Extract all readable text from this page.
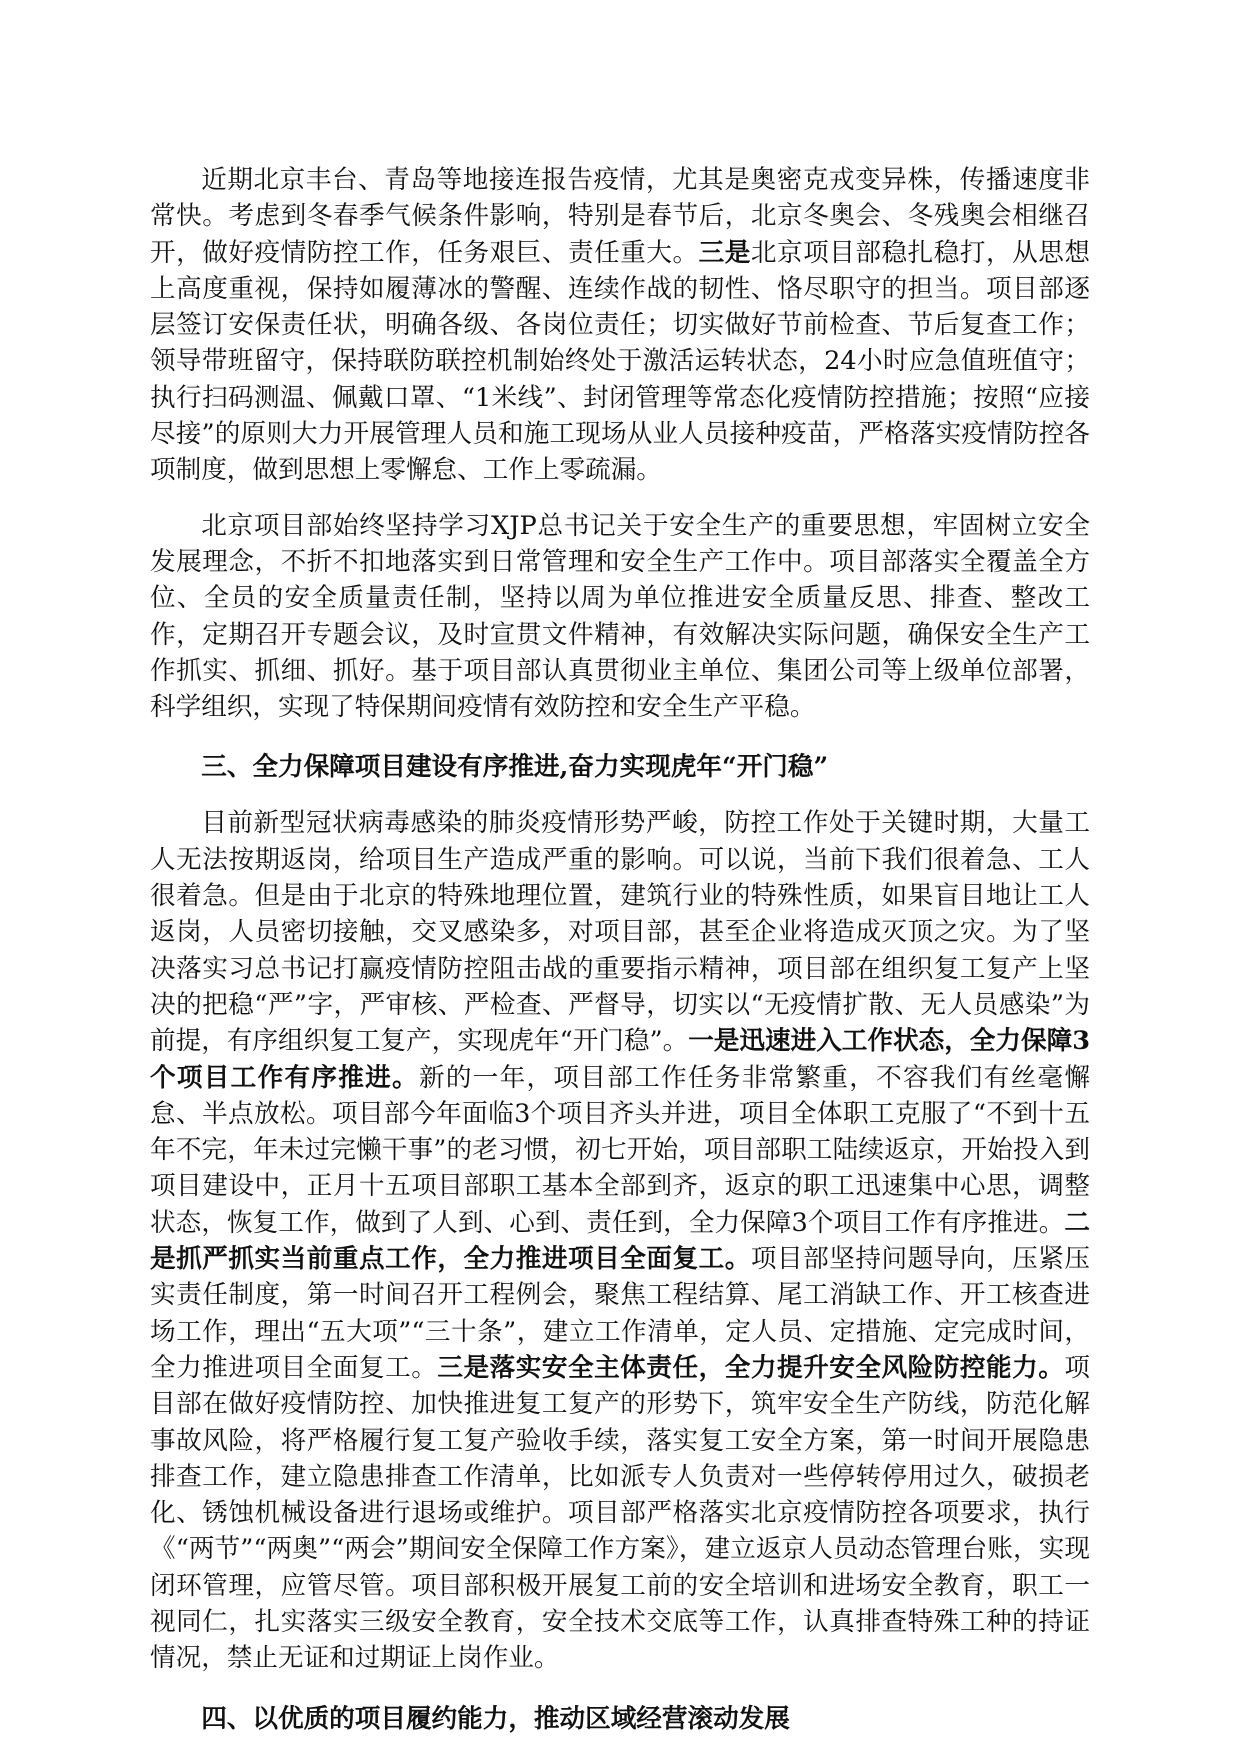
近期北京丰台、青岛等地接连报告疫情，尤其是奥密克戎变异株，传播速度非常快。考虑到冬春季气候条件影响，特别是春节后，北京冬奥会、冬残奥会相继召开，做好疫情防控工作，任务艰巨、责任重大。三是北京项目部稳扎稳打，从思想上高度重视，保持如履薄冰的警醒、连续作战的韧性、恪尽职守的担当。项目部逐层签订安保责任状，明确各级、各岗位责任；切实做好节前检查、节后复查工作；领导带班留守，保持联防联控机制始终处于激活运转状态，24小时应急值班值守；执行扫码测温、佩戴口罩、“1米线”、封闭管理等常态化疫情防控措施；按照“应接尽接”的原则大力开展管理人员和施工现场从业人员接种疫苗，严格落实疫情防控各项制度，做到思想上零懈怠、工作上零疏漏。

北京项目部始终坚持学习XJP总书记关于安全生产的重要思想，牢固树立安全发展理念，不折不扣地落实到日常管理和安全生产工作中。项目部落实全覆盖全方位、全员的安全质量责任制，坚持以周为单位推进安全质量反思、排查、整改工作，定期召开专题会议，及时宣贯文件精神，有效解决实际问题，确保安全生产工作抓实、抓细、抓好。基于项目部认真贯彻业主单位、集团公司等上级单位部署，科学组织，实现了特保期间疫情有效防控和安全生产平稳。

三、全力保障项目建设有序推进,奋力实现虎年“开门稳”

目前新型冠状病毒感染的肺炎疫情形势严峻，防控工作处于关键时期，大量工人无法按期返岗，给项目生产造成严重的影响。可以说，当前下我们很着急、工人很着急。但是由于北京的特殊地理位置，建筑行业的特殊性质，如果盲目地让工人返岗，人员密切接触，交叉感染多，对项目部，甚至企业将造成灭顶之灾。为了坚决落实习总书记打赢疫情防控阻击战的重要指示精神，项目部在组织复工复产上坚决的把稳“严”字，严审核、严检查、严督导，切实以“无疫情扩散、无人员感染”为前提，有序组织复工复产，实现虎年“开门稳”。一是迅速进入工作状态，全力保障3个项目工作有序推进。新的一年，项目部工作任务非常繁重，不容我们有丝毫懈怠、半点放松。项目部今年面临3个项目齐头并进，项目全体职工克服了“不到十五年不完，年未过完懒干事”的老习惯，初七开始，项目部职工陆续返京，开始投入到项目建设中，正月十五项目部职工基本全部到齐，返京的职工迅速集中心思，调整状态，恢复工作，做到了人到、心到、责任到，全力保障3个项目工作有序推进。二是抓严抓实当前重点工作，全力推进项目全面复工。项目部坚持问题导向，压紧压实责任制度，第一时间召开工程例会，聚焦工程结算、尾工消缺工作、开工核查进场工作，理出“五大项”“三十条”，建立工作清单，定人员、定措施、定完成时间，全力推进项目全面复工。三是落实安全主体责任，全力提升安全风险防控能力。项目部在做好疫情防控、加快推进复工复产的形势下，筑牢安全生产防线，防范化解事故风险，将严格履行复工复产验收手续，落实复工安全方案，第一时间开展隐患排查工作，建立隐患排查工作清单，比如派专人负责对一些停转停用过久，破损老化、锈蚀机械设备进行退场或维护。项目部严格落实北京疫情防控各项要求，执行《“两节”“两奥”“两会”期间安全保障工作方案》，建立返京人员动态管理台账，实现闭环管理，应管尽管。项目部积极开展复工前的安全培训和进场安全教育，职工一视同仁，扎实落实三级安全教育，安全技术交底等工作，认真排查特殊工种的持证情况，禁止无证和过期证上岗作业。

四、以优质的项目履约能力，推动区域经营滚动发展
